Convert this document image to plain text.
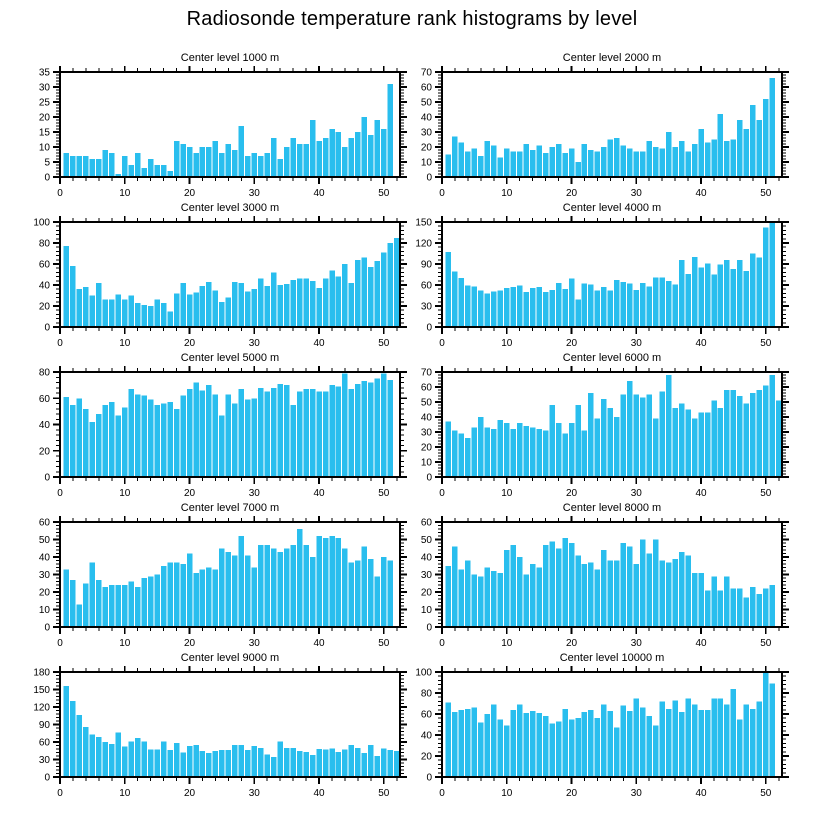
Radiosonde temperature rank histograms by level
Center level 1000 m
0	10	20	30	40	50
0
5
10
15
20
25
30
35
Center level 2000 m
0	10	20	30	40	50
0
10
20
30
40
50
60
70
Center level 3000 m
0	10	20	30	40	50
0
20
40
60
80
100
Center level 4000 m
0	10	20	30	40	50
0
30
60
90
120
150
Center level 5000 m
0	10	20	30	40	50
0
20
40
60
80
Center level 6000 m
0	10	20	30	40	50
0
10
20
30
40
50
60
70
Center level 7000 m
0	10	20	30	40	50
0
10
20
30
40
50
60
Center level 8000 m
0	10	20	30	40	50
0
10
20
30
40
50
60
Center level 9000 m
0	10	20	30	40	50
0
30
60
90
120
150
180
Center level 10000 m
0	10	20	30	40	50
0
20
40
60
80
100
